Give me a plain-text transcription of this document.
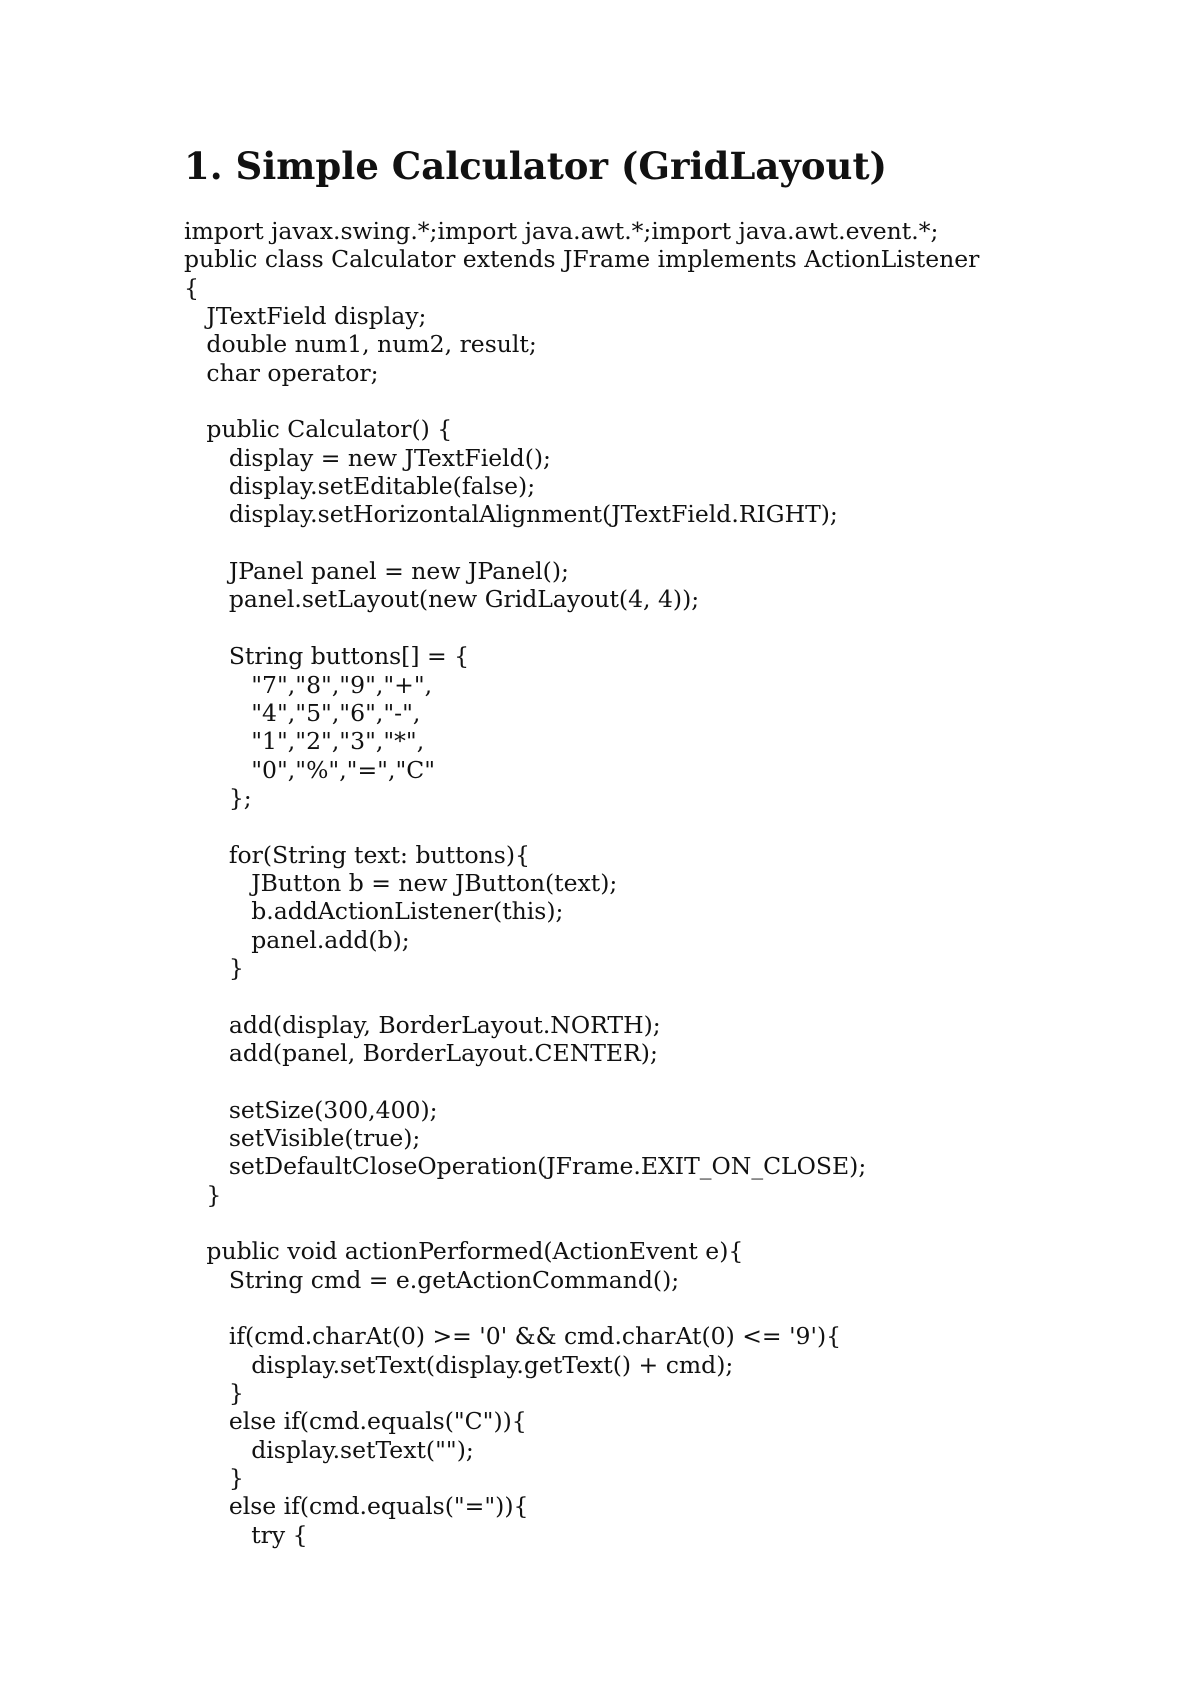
1. Simple Calculator (GridLayout)
import javax.swing.*;import java.awt.*;import java.awt.event.*;
public class Calculator extends JFrame implements ActionListener
{
JTextField display;
double num1, num2, result;
char operator;
public Calculator() {
display = new JTextField();
display.setEditable(false);
display.setHorizontalAlignment(JTextField.RIGHT);
JPanel panel = new JPanel();
panel.setLayout(new GridLayout(4, 4));
String buttons[] = {
"7","8","9","+",
"4","5","6","-",
"1","2","3","*",
"0","%","=","C"
};
for(String text: buttons){
JButton b = new JButton(text);
b.addActionListener(this);
panel.add(b);
}
add(display, BorderLayout.NORTH);
add(panel, BorderLayout.CENTER);
setSize(300,400);
setVisible(true);
setDefaultCloseOperation(JFrame.EXIT_ON_CLOSE);
}
public void actionPerformed(ActionEvent e){
String cmd = e.getActionCommand();
if(cmd.charAt(0) >= '0' && cmd.charAt(0) <= '9'){
display.setText(display.getText() + cmd);
}
else if(cmd.equals("C")){
display.setText("");
}
else if(cmd.equals("=")){
try {
